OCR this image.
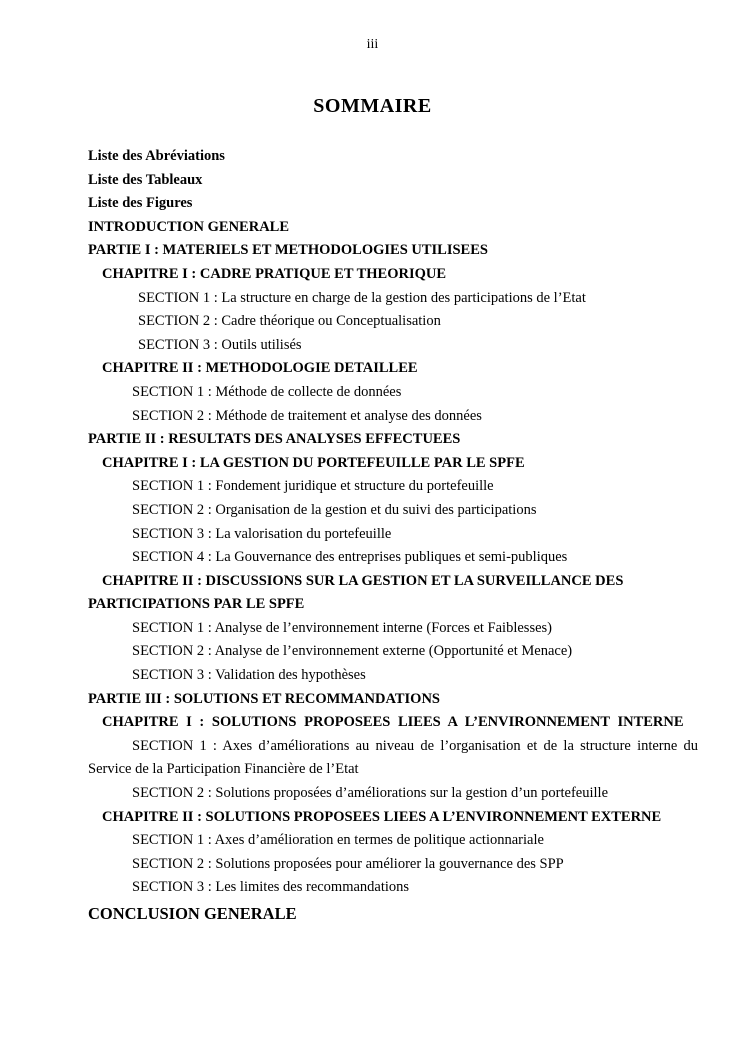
iii
SOMMAIRE
Liste des Abréviations
Liste des Tableaux
Liste des Figures
INTRODUCTION GENERALE
PARTIE I : MATERIELS ET METHODOLOGIES UTILISEES
CHAPITRE I : CADRE PRATIQUE ET THEORIQUE
SECTION 1 : La structure en charge de la gestion des participations de l’Etat
SECTION 2 : Cadre théorique ou Conceptualisation
SECTION 3 : Outils utilisés
CHAPITRE II : METHODOLOGIE DETAILLEE
SECTION 1 : Méthode de collecte de données
SECTION 2 : Méthode de traitement et analyse des données
PARTIE II : RESULTATS DES ANALYSES EFFECTUEES
CHAPITRE I : LA GESTION DU PORTEFEUILLE PAR LE SPFE
SECTION 1 : Fondement juridique et structure du portefeuille
SECTION 2 : Organisation de la gestion et du suivi des participations
SECTION 3 : La valorisation du portefeuille
SECTION 4 : La Gouvernance des entreprises publiques et semi-publiques
CHAPITRE II : DISCUSSIONS SUR LA GESTION ET LA SURVEILLANCE DES
PARTICIPATIONS PAR LE SPFE
SECTION 1 : Analyse de l’environnement interne (Forces et Faiblesses)
SECTION 2 : Analyse de l’environnement externe (Opportunité et Menace)
SECTION 3 : Validation des hypothèses
PARTIE III : SOLUTIONS ET RECOMMANDATIONS
CHAPITRE I : SOLUTIONS PROPOSEES LIEES A L’ENVIRONNEMENT INTERNE
SECTION 1 : Axes d’améliorations au niveau de l’organisation et de la structure interne du
Service de la Participation Financière de l’Etat
SECTION 2 : Solutions proposées d’améliorations sur la gestion d’un portefeuille
CHAPITRE II : SOLUTIONS PROPOSEES LIEES A L’ENVIRONNEMENT EXTERNE
SECTION 1 : Axes d’amélioration en termes de politique actionnariale
SECTION 2 : Solutions proposées pour améliorer la gouvernance des SPP
SECTION 3 : Les limites des recommandations
CONCLUSION GENERALE
